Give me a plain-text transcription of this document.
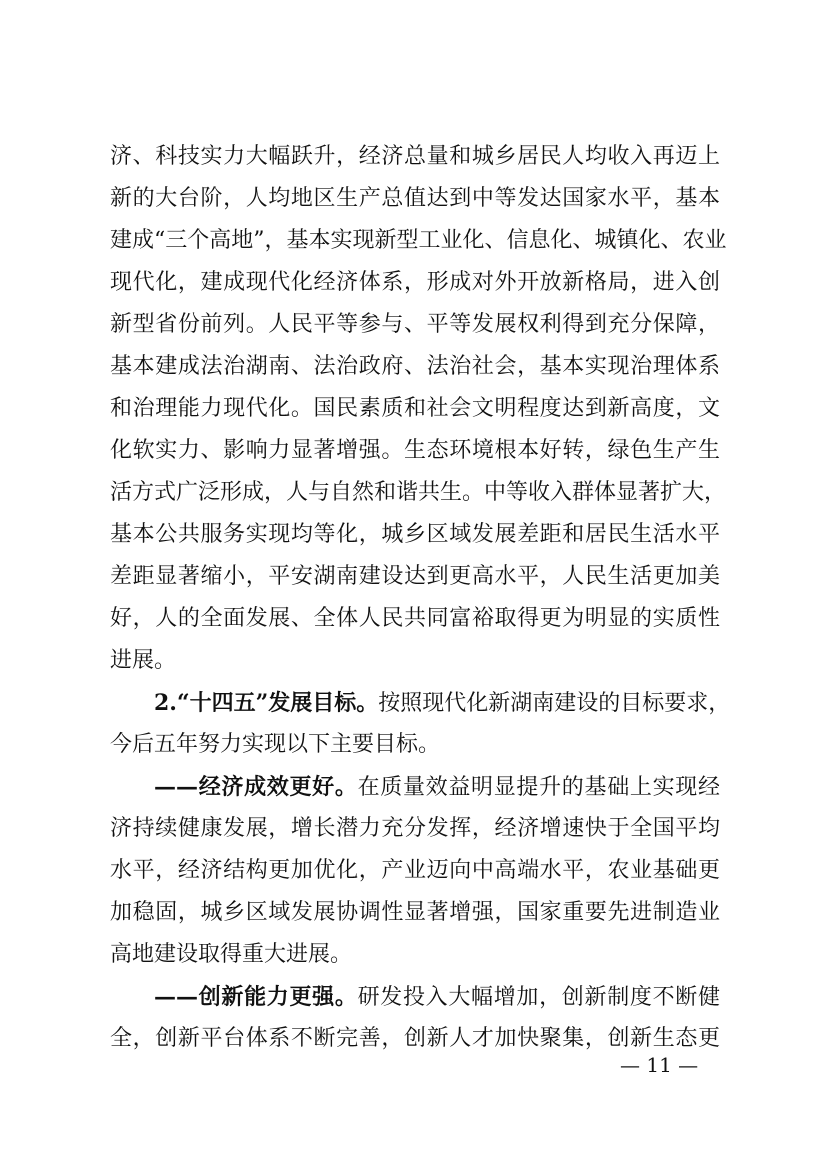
济、科技实力大幅跃升，经济总量和城乡居民人均收入再迈上
新的大台阶，人均地区生产总值达到中等发达国家水平，基本
建成“三个高地”，基本实现新型工业化、信息化、城镇化、农业
现代化，建成现代化经济体系，形成对外开放新格局，进入创
新型省份前列。人民平等参与、平等发展权利得到充分保障，
基本建成法治湖南、法治政府、法治社会，基本实现治理体系
和治理能力现代化。国民素质和社会文明程度达到新高度，文
化软实力、影响力显著增强。生态环境根本好转，绿色生产生
活方式广泛形成，人与自然和谐共生。中等收入群体显著扩大，
基本公共服务实现均等化，城乡区域发展差距和居民生活水平
差距显著缩小，平安湖南建设达到更高水平，人民生活更加美
好，人的全面发展、全体人民共同富裕取得更为明显的实质性
进展。
2.“十四五”发展目标。按照现代化新湖南建设的目标要求，
今后五年努力实现以下主要目标。
——经济成效更好。在质量效益明显提升的基础上实现经
济持续健康发展，增长潜力充分发挥，经济增速快于全国平均
水平，经济结构更加优化，产业迈向中高端水平，农业基础更
加稳固，城乡区域发展协调性显著增强，国家重要先进制造业
高地建设取得重大进展。
——创新能力更强。研发投入大幅增加，创新制度不断健
全，创新平台体系不断完善，创新人才加快聚集，创新生态更
— 11 —
